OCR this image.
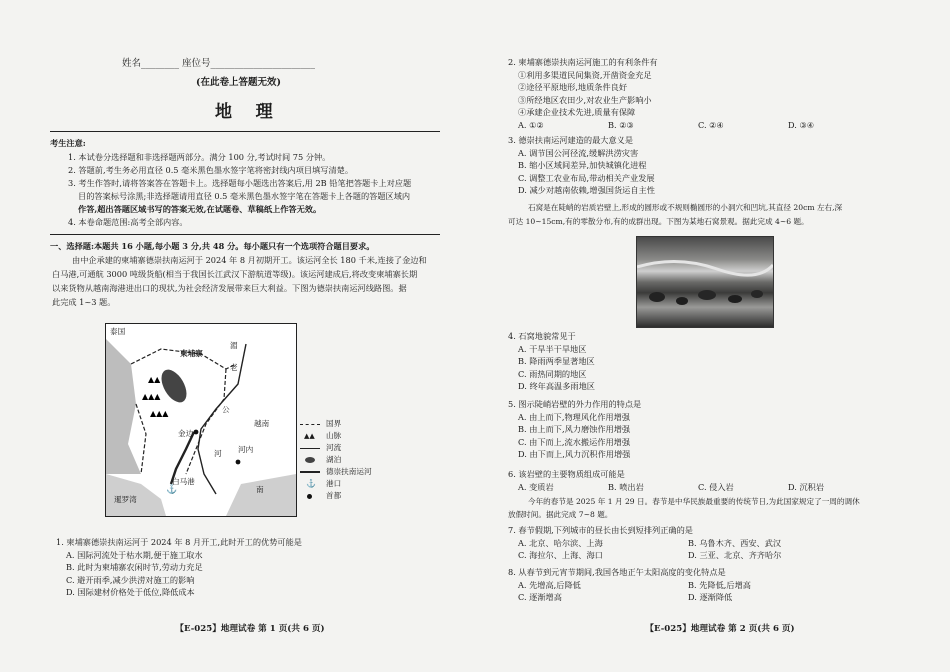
姓名________ 座位号______________________
(在此卷上答题无效)
地    理
考生注意:
1. 本试卷分选择题和非选择题两部分。满分 100 分,考试时间 75 分钟。
2. 答题前,考生务必用直径 0.5 毫米黑色墨水签字笔将密封线内项目填写清楚。
3. 考生作答时,请将答案答在答题卡上。选择题每小题选出答案后,用 2B 铅笔把答题卡上对应题
目的答案标号涂黑;非选择题请用直径 0.5 毫米黑色墨水签字笔在答题卡上各题的答题区域内
作答,超出答题区域书写的答案无效,在试题卷、草稿纸上作答无效。
4. 本卷命题范围:高考全部内容。
一、选择题:本题共 16 小题,每小题 3 分,共 48 分。每小题只有一个选项符合题目要求。
由中企承建的柬埔寨德崇扶南运河于 2024 年 8 月初期开工。该运河全长 180 千米,连接了金边和
白马港,可通航 3000 吨级货船(相当于我国长江武汉下游航道等级)。该运河建成后,将改变柬埔寨长期
以来货物从越南海港进出口的现状,为社会经济发展带来巨大利益。下图为德崇扶南运河线路图。据
此完成 1~3 题。
▲▲
▲▲▲
▲▲▲
⚓
泰国
柬埔寨
老
越南
金边
河内
暹罗湾
白马港
公
河
南
湄
国界
▲▲ 山脉
河流
湖泊
德崇扶南运河
⚓ 港口
首都
1. 柬埔寨德崇扶南运河于 2024 年 8 月开工,此时开工的优势可能是
A. 国际河流处于枯水期,便于施工取水
B. 此时为柬埔寨农闲时节,劳动力充足
C. 避开雨季,减少洪涝对施工的影响
D. 国际建材价格处于低位,降低成本
【E-025】地理试卷 第 1 页(共 6 页)
2. 柬埔寨德崇扶南运河施工的有利条件有
①利用多渠道民间集资,开凿资金充足
②途径平原地形,地质条件良好
③所经地区农田少,对农业生产影响小
④承建企业技术先进,质量有保障
A. ①②	B. ②③	C. ②④	D. ③④
3. 德崇扶南运河建造的最大意义是
A. 调节国公河径流,缓解洪涝灾害
B. 缩小区域间差异,加快城镇化进程
C. 调整工农业布局,带动相关产业发展
D. 减少对越南依赖,增强国货运自主性
石窝是在陡峭的岩质岩壁上,形成的圆形或不规则椭圆形的小洞穴和凹坑,其直径 20cm 左右,深
可达 10~15cm,有的零散分布,有的成群出现。下图为某地石窝景观。据此完成 4~6 题。
4. 石窝地貌常见于
A. 干旱半干旱地区
B. 降雨两季显著地区
C. 雨热同期的地区
D. 终年高温多雨地区
5. 图示陡峭岩壁的外力作用的特点是
A. 由上而下,物理风化作用增强
B. 由上而下,风力磨蚀作用增强
C. 由下而上,流水搬运作用增强
D. 由下而上,风力沉积作用增强
6. 该岩壁的主要物质组成可能是
A. 变质岩	B. 喷出岩	C. 侵入岩	D. 沉积岩
今年的春节是 2025 年 1 月 29 日。春节是中华民族最重要的传统节日,为此国家规定了一周的调休
放假时间。据此完成 7~8 题。
7. 春节假期,下列城市的昼长由长到短排列正确的是
A. 北京、哈尔滨、上海	B. 乌鲁木齐、西安、武汉
C. 海拉尔、上海、海口	D. 三亚、北京、齐齐哈尔
8. 从春节到元宵节期间,我国各地正午太阳高度的变化特点是
A. 先增高,后降低	B. 先降低,后增高
C. 逐渐增高	D. 逐渐降低
【E-025】地理试卷 第 2 页(共 6 页)
